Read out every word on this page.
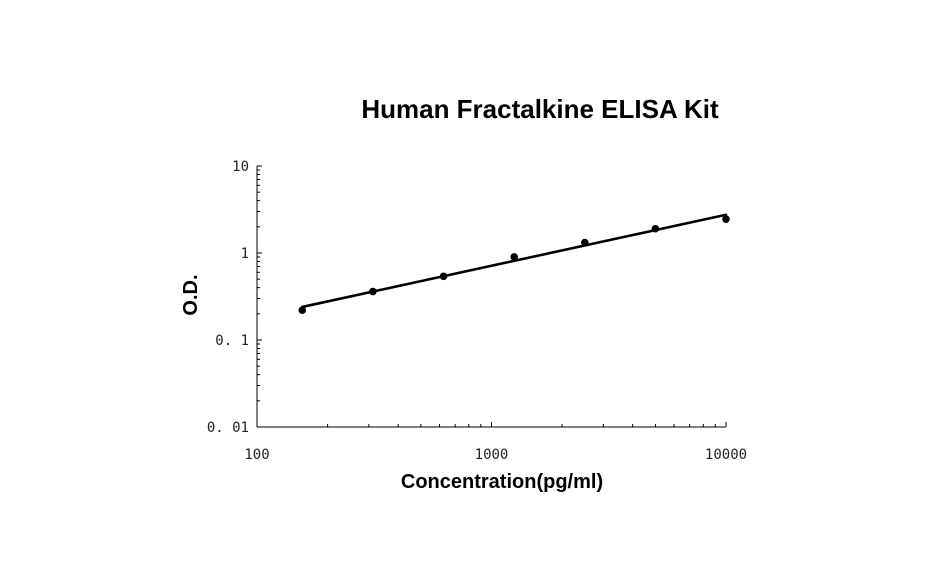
Human Fractalkine ELISA Kit
10
1
0. 1
0. 01
100	1000	10000
Concentration(pg/ml)
O.D.
